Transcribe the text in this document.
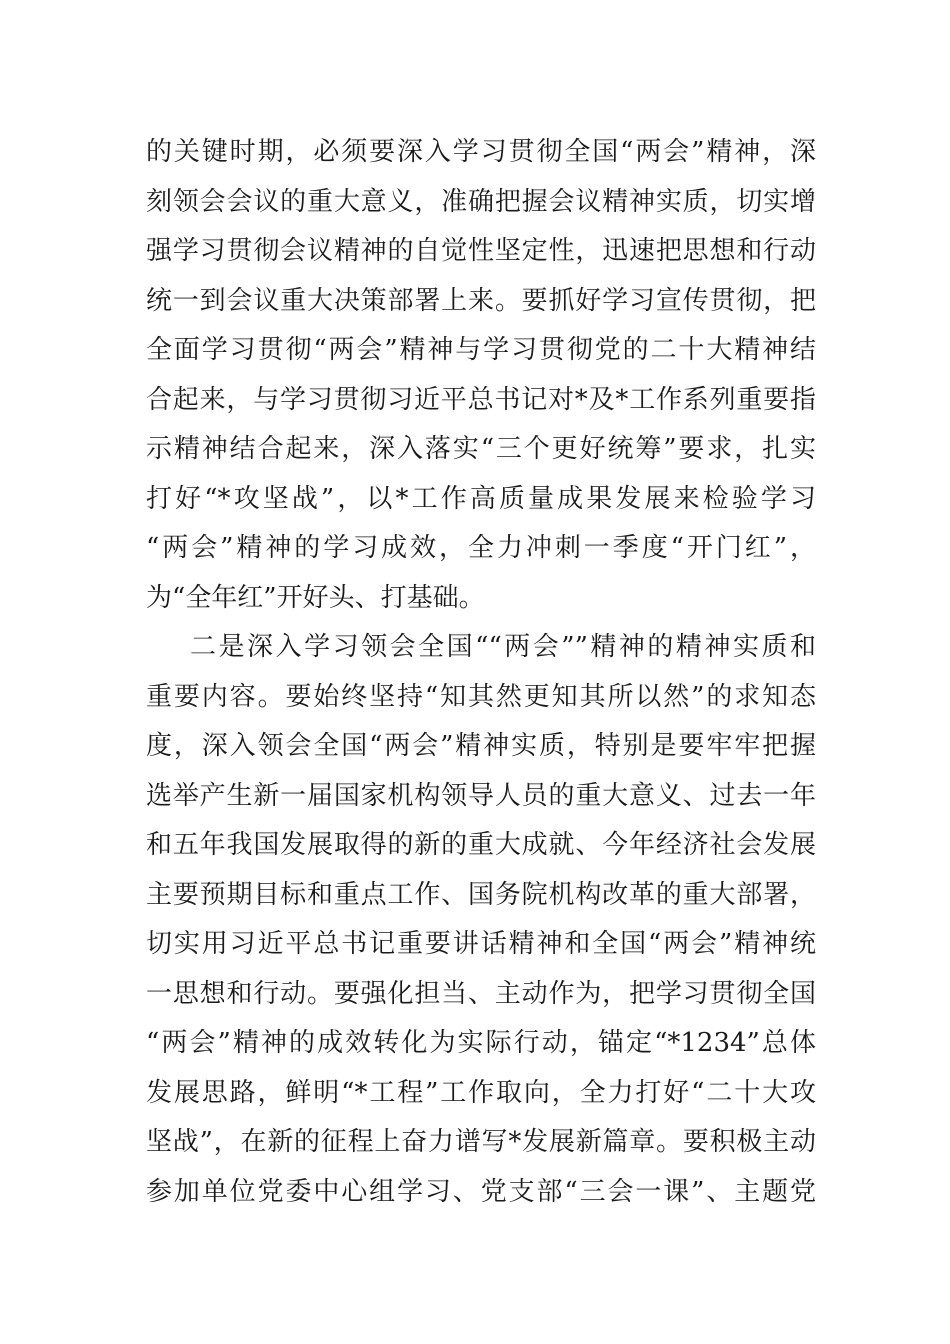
的关键时期，必须要深入学习贯彻全国“两会”精神，深
刻领会会议的重大意义，准确把握会议精神实质，切实增
强学习贯彻会议精神的自觉性坚定性，迅速把思想和行动
统一到会议重大决策部署上来。要抓好学习宣传贯彻，把
全面学习贯彻“两会”精神与学习贯彻党的二十大精神结
合起来，与学习贯彻习近平总书记对*及*工作系列重要指
示精神结合起来，深入落实“三个更好统筹”要求，扎实
打好“*攻坚战”，以*工作高质量成果发展来检验学习
“两会”精神的学习成效，全力冲刺一季度“开门红”，
为“全年红”开好头、打基础。
二是深入学习领会全国““两会””精神的精神实质和
重要内容。要始终坚持“知其然更知其所以然”的求知态
度，深入领会全国“两会”精神实质，特别是要牢牢把握
选举产生新一届国家机构领导人员的重大意义、过去一年
和五年我国发展取得的新的重大成就、今年经济社会发展
主要预期目标和重点工作、国务院机构改革的重大部署，
切实用习近平总书记重要讲话精神和全国“两会”精神统
一思想和行动。要强化担当、主动作为，把学习贯彻全国
“两会”精神的成效转化为实际行动，锚定“*1234”总体
发展思路，鲜明“*工程”工作取向，全力打好“二十大攻
坚战”，在新的征程上奋力谱写*发展新篇章。要积极主动
参加单位党委中心组学习、党支部“三会一课”、主题党
